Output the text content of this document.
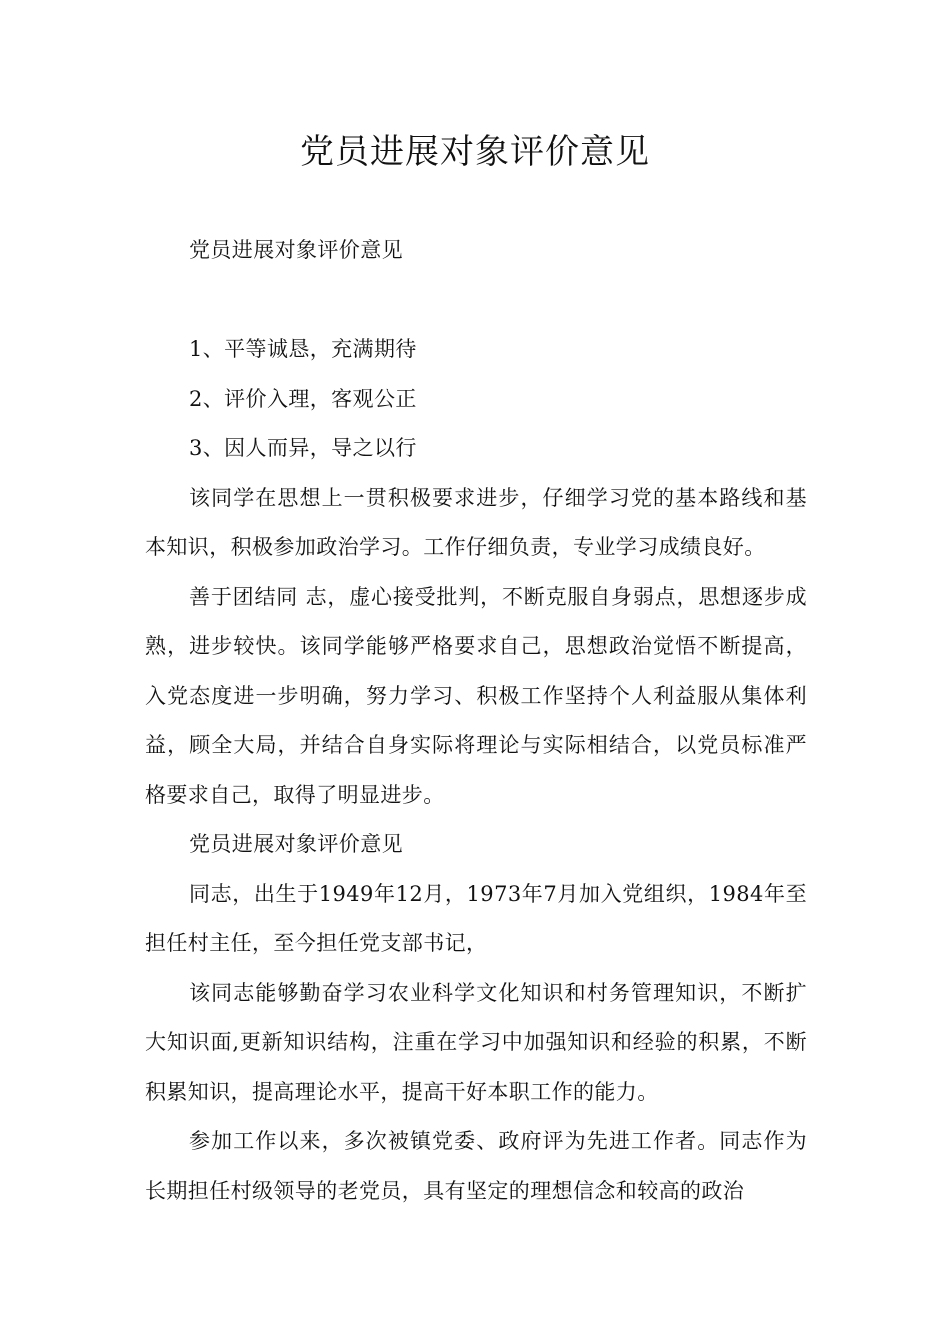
党员进展对象评价意见

党员进展对象评价意见

1、平等诚恳，充满期待

2、评价入理，客观公正

3、因人而异，导之以行

该同学在思想上一贯积极要求进步，仔细学习党的基本路线和基本知识，积极参加政治学习。工作仔细负责，专业学习成绩良好。

善于团结同 志，虚心接受批判，不断克服自身弱点，思想逐步成熟，进步较快。该同学能够严格要求自己，思想政治觉悟不断提高，入党态度进一步明确，努力学习、积极工作坚持个人利益服从集体利益，顾全大局，并结合自身实际将理论与实际相结合，以党员标准严格要求自己，取得了明显进步。

党员进展对象评价意见

同志，出生于1949年12月，1973年7月加入党组织，1984年至担任村主任，至今担任党支部书记，

该同志能够勤奋学习农业科学文化知识和村务管理知识，不断扩大知识面,更新知识结构，注重在学习中加强知识和经验的积累，不断积累知识，提高理论水平，提高干好本职工作的能力。

参加工作以来，多次被镇党委、政府评为先进工作者。同志作为长期担任村级领导的老党员，具有坚定的理想信念和较高的政治
